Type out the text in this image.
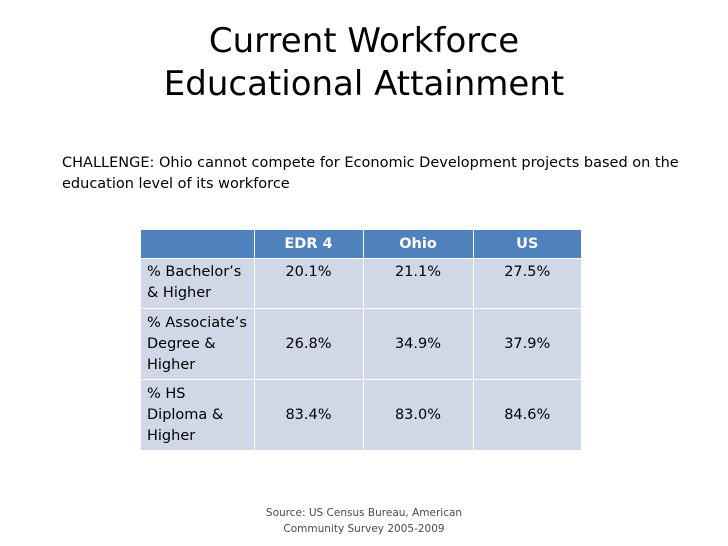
Current Workforce
Educational Attainment
CHALLENGE: Ohio cannot compete for Economic Development projects based on the education level of its workforce
	EDR 4	Ohio	US
% Bachelor’s & Higher	20.1%	21.1%	27.5%
% Associate’s Degree & Higher	26.8%	34.9%	37.9%
% HS Diploma & Higher	83.4%	83.0%	84.6%
Source: US Census Bureau, American Community Survey 2005-2009
